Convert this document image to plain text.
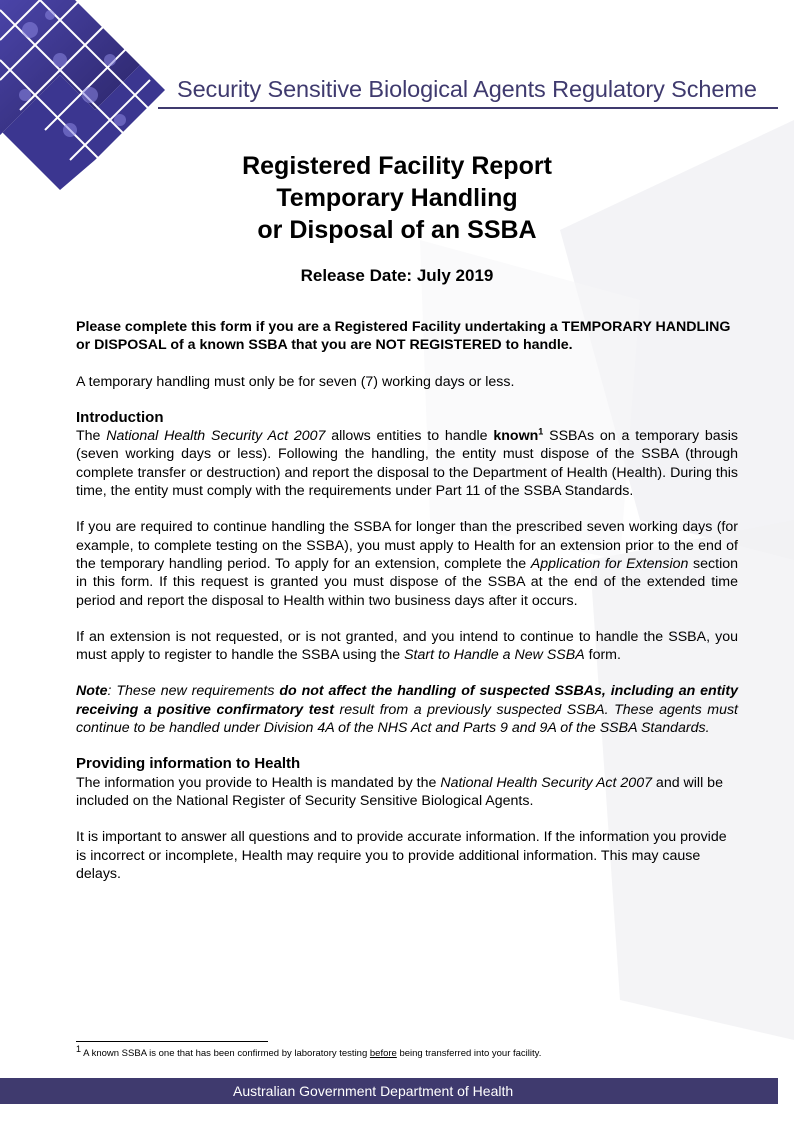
Security Sensitive Biological Agents Regulatory Scheme
Registered Facility Report
Temporary Handling
or Disposal of an SSBA
Release Date: July 2019

Please complete this form if you are a Registered Facility undertaking a TEMPORARY HANDLING or DISPOSAL of a known SSBA that you are NOT REGISTERED to handle.

A temporary handling must only be for seven (7) working days or less.

Introduction

The National Health Security Act 2007 allows entities to handle known$^1$ SSBAs on a temporary basis (seven working days or less). Following the handling, the entity must dispose of the SSBA (through complete transfer or destruction) and report the disposal to the Department of Health (Health). During this time, the entity must comply with the requirements under Part 11 of the SSBA Standards.

If you are required to continue handling the SSBA for longer than the prescribed seven working days (for example, to complete testing on the SSBA), you must apply to Health for an extension prior to the end of the temporary handling period. To apply for an extension, complete the Application for Extension section in this form. If this request is granted you must dispose of the SSBA at the end of the extended time period and report the disposal to Health within two business days after it occurs.

If an extension is not requested, or is not granted, and you intend to continue to handle the SSBA, you must apply to register to handle the SSBA using the Start to Handle a New SSBA form.

Note: These new requirements do not affect the handling of suspected SSBAs, including an entity receiving a positive confirmatory test result from a previously suspected SSBA. These agents must continue to be handled under Division 4A of the NHS Act and Parts 9 and 9A of the SSBA Standards.

Providing information to Health

The information you provide to Health is mandated by the National Health Security Act 2007 and will be included on the National Register of Security Sensitive Biological Agents.

It is important to answer all questions and to provide accurate information. If the information you provide is incorrect or incomplete, Health may require you to provide additional information. This may cause delays.

$^1$ A known SSBA is one that has been confirmed by laboratory testing before being transferred into your facility.
Australian Government Department of Health
